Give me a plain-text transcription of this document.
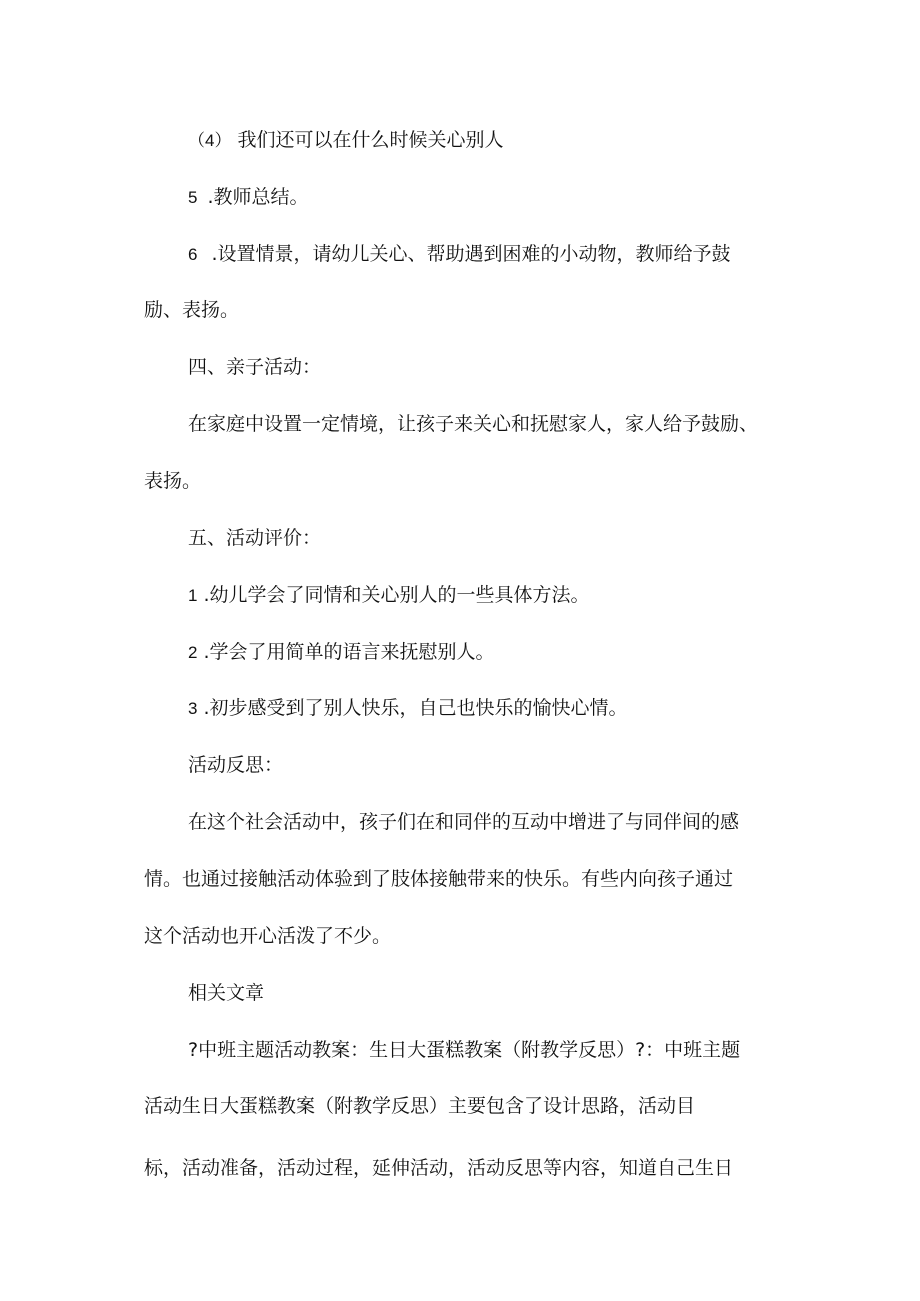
（4） 我们还可以在什么时候关心别人

5 .教师总结。

6 .设置情景，请幼儿关心、帮助遇到困难的小动物，教师给予鼓

励、表扬。

四、亲子活动：

在家庭中设置一定情境，让孩子来关心和抚慰家人，家人给予鼓励、

表扬。

五、活动评价：

1 .幼儿学会了同情和关心别人的一些具体方法。

2 .学会了用简单的语言来抚慰别人。

3 .初步感受到了别人快乐，自己也快乐的愉快心情。

活动反思：

在这个社会活动中，孩子们在和同伴的互动中增进了与同伴间的感

情。也通过接触活动体验到了肢体接触带来的快乐。有些内向孩子通过

这个活动也开心活泼了不少。

相关文章

?中班主题活动教案：生日大蛋糕教案（附教学反思）?：中班主题

活动生日大蛋糕教案（附教学反思）主要包含了设计思路，活动目

标，活动准备，活动过程，延伸活动，活动反思等内容，知道自己生日
